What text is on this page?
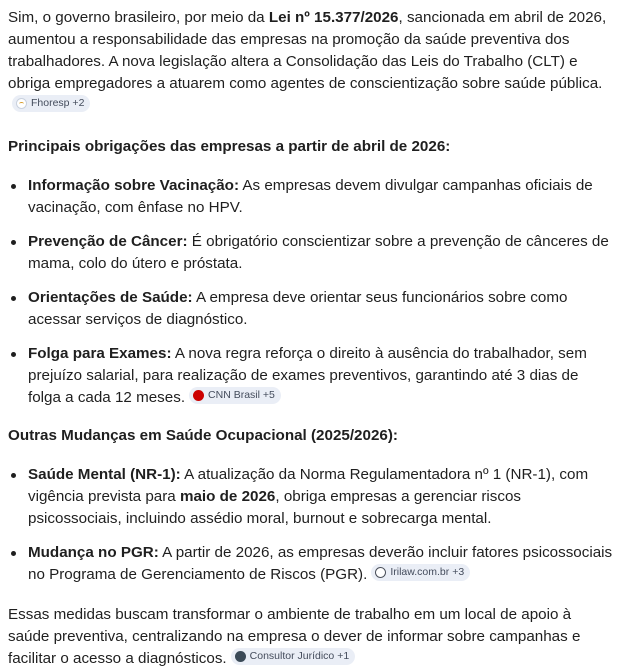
Sim, o governo brasileiro, por meio da Lei nº 15.377/2026, sancionada em abril de 2026, aumentou a responsabilidade das empresas na promoção da saúde preventiva dos trabalhadores. A nova legislação altera a Consolidação das Leis do Trabalho (CLT) e obriga empregadores a atuarem como agentes de conscientização sobre saúde pública.
Fhoresp +2

Principais obrigações das empresas a partir de abril de 2026:
Informação sobre Vacinação: As empresas devem divulgar campanhas oficiais de vacinação, com ênfase no HPV.
Prevenção de Câncer: É obrigatório conscientizar sobre a prevenção de cânceres de mama, colo do útero e próstata.
Orientações de Saúde: A empresa deve orientar seus funcionários sobre como acessar serviços de diagnóstico.
Folga para Exames: A nova regra reforça o direito à ausência do trabalhador, sem prejuízo salarial, para realização de exames preventivos, garantindo até 3 dias de folga a cada 12 meses. CNN Brasil +5
Outras Mudanças em Saúde Ocupacional (2025/2026):
Saúde Mental (NR-1): A atualização da Norma Regulamentadora nº 1 (NR-1), com vigência prevista para maio de 2026, obriga empresas a gerenciar riscos psicossociais, incluindo assédio moral, burnout e sobrecarga mental.
Mudança no PGR: A partir de 2026, as empresas deverão incluir fatores psicossociais no Programa de Gerenciamento de Riscos (PGR). Irilaw.com.br +3

Essas medidas buscam transformar o ambiente de trabalho em um local de apoio à saúde preventiva, centralizando na empresa o dever de informar sobre campanhas e facilitar o acesso a diagnósticos. Consultor Jurídico +1
